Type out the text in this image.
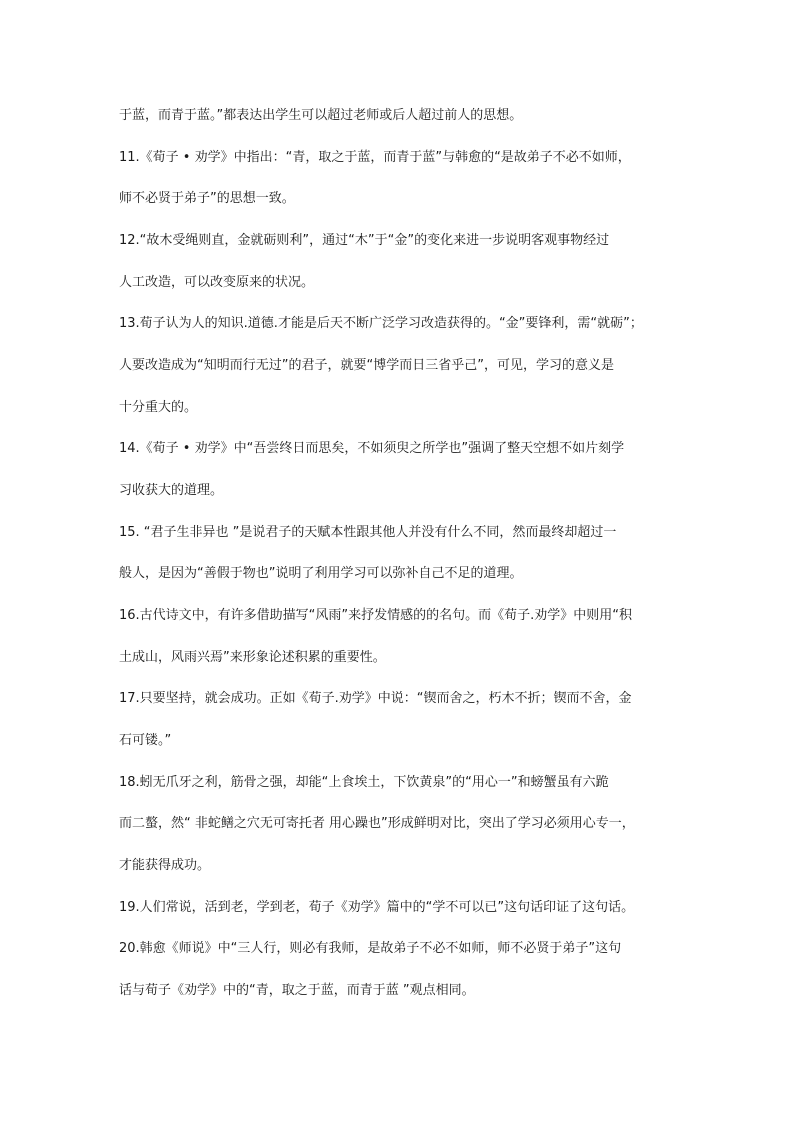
于蓝，而青于蓝。”都表达出学生可以超过老师或后人超过前人的思想。
11.《荀子 • 劝学》中指出：“青，取之于蓝，而青于蓝”与韩愈的“是故弟子不必不如师，
师不必贤于弟子”的思想一致。
12.“故木受绳则直，金就砺则利”，通过“木”于“金”的变化来进一步说明客观事物经过
人工改造，可以改变原来的状况。
13.荀子认为人的知识.道德.才能是后天不断广泛学习改造获得的。“金”要锋利，需“就砺”；
人要改造成为“知明而行无过”的君子，就要“博学而日三省乎己”，可见，学习的意义是
十分重大的。
14.《荀子 • 劝学》中“吾尝终日而思矣，不如须臾之所学也”强调了整天空想不如片刻学
习收获大的道理。
15. “君子生非异也 ”是说君子的天赋本性跟其他人并没有什么不同，然而最终却超过一
般人，是因为“善假于物也”说明了利用学习可以弥补自己不足的道理。
16.古代诗文中，有许多借助描写“风雨”来抒发情感的的名句。而《荀子.劝学》中则用“积
土成山，风雨兴焉”来形象论述积累的重要性。
17.只要坚持，就会成功。正如《荀子.劝学》中说：“锲而舍之，朽木不折；锲而不舍，金
石可镂。”
18.蚓无爪牙之利，筋骨之强，却能“上食埃土，下饮黄泉”的“用心一”和螃蟹虽有六跪
而二螯，然“ 非蛇鳝之穴无可寄托者 用心躁也”形成鲜明对比，突出了学习必须用心专一，
才能获得成功。
19.人们常说，活到老，学到老，荀子《劝学》篇中的“学不可以已”这句话印证了这句话。
20.韩愈《师说》中“三人行，则必有我师，是故弟子不必不如师，师不必贤于弟子”这句
话与荀子《劝学》中的“青，取之于蓝，而青于蓝 ”观点相同。
